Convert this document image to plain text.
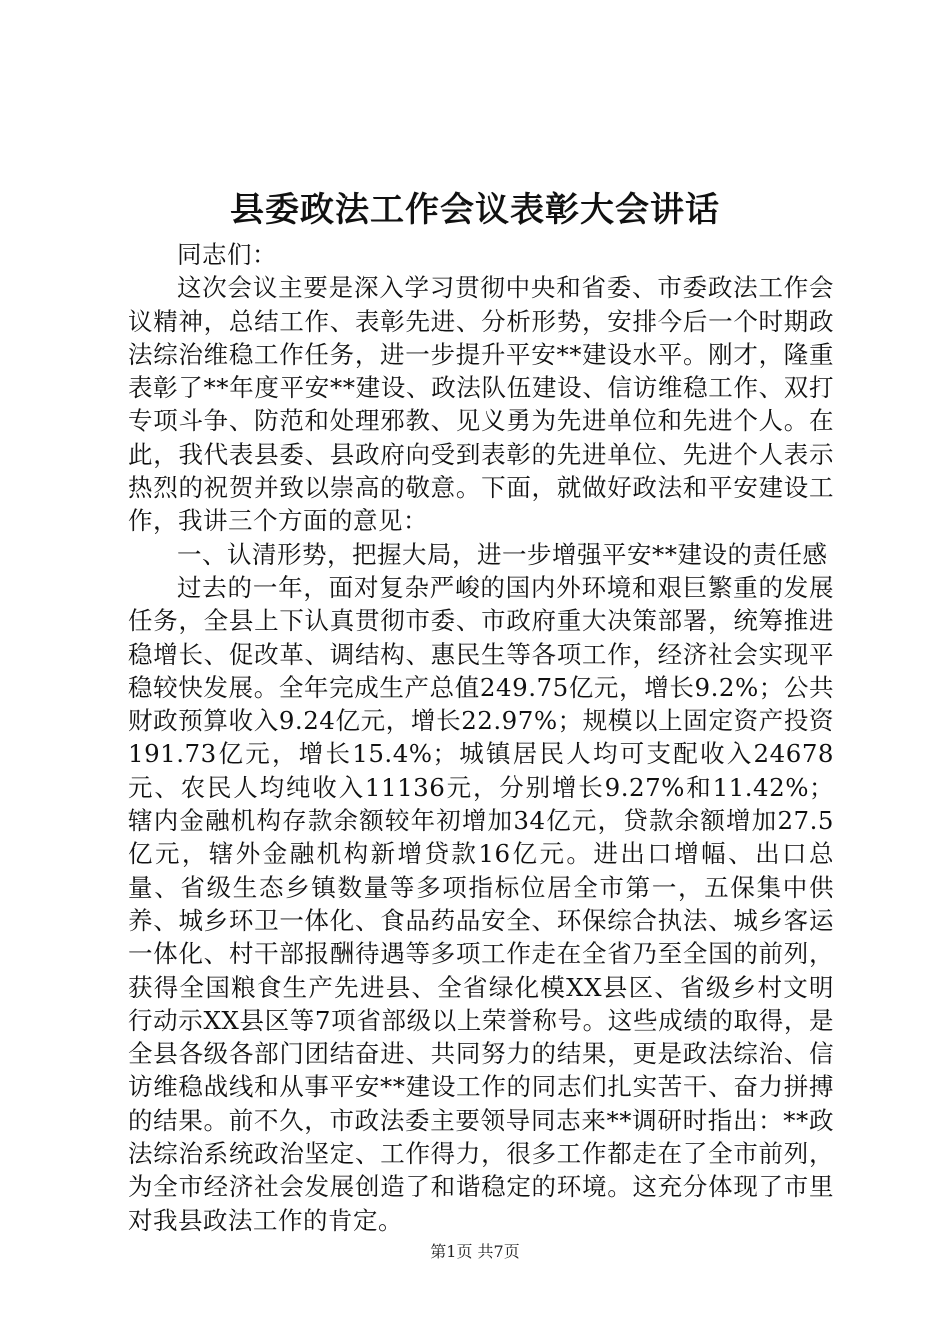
县委政法工作会议表彰大会讲话

同志们：

这次会议主要是深入学习贯彻中央和省委、市委政法工作会议精神，总结工作、表彰先进、分析形势，安排今后一个时期政法综治维稳工作任务，进一步提升平安**建设水平。刚才，隆重表彰了**年度平安**建设、政法队伍建设、信访维稳工作、双打专项斗争、防范和处理邪教、见义勇为先进单位和先进个人。在此，我代表县委、县政府向受到表彰的先进单位、先进个人表示热烈的祝贺并致以崇高的敬意。下面，就做好政法和平安建设工作，我讲三个方面的意见：

一、认清形势，把握大局，进一步增强平安**建设的责任感

过去的一年，面对复杂严峻的国内外环境和艰巨繁重的发展任务，全县上下认真贯彻市委、市政府重大决策部署，统筹推进稳增长、促改革、调结构、惠民生等各项工作，经济社会实现平稳较快发展。全年完成生产总值249.75亿元，增长9.2%；公共财政预算收入9.24亿元，增长22.97%；规模以上固定资产投资191.73亿元，增长15.4%；城镇居民人均可支配收入24678元、农民人均纯收入11136元，分别增长9.27%和11.42%；辖内金融机构存款余额较年初增加34亿元，贷款余额增加27.5亿元，辖外金融机构新增贷款16亿元。进出口增幅、出口总量、省级生态乡镇数量等多项指标位居全市第一，五保集中供养、城乡环卫一体化、食品药品安全、环保综合执法、城乡客运一体化、村干部报酬待遇等多项工作走在全省乃至全国的前列，获得全国粮食生产先进县、全省绿化模XX县区、省级乡村文明行动示XX县区等7项省部级以上荣誉称号。这些成绩的取得，是全县各级各部门团结奋进、共同努力的结果，更是政法综治、信访维稳战线和从事平安**建设工作的同志们扎实苦干、奋力拼搏的结果。前不久，市政法委主要领导同志来**调研时指出：**政法综治系统政治坚定、工作得力，很多工作都走在了全市前列，为全市经济社会发展创造了和谐稳定的环境。这充分体现了市里对我县政法工作的肯定。

第1页 共7页
